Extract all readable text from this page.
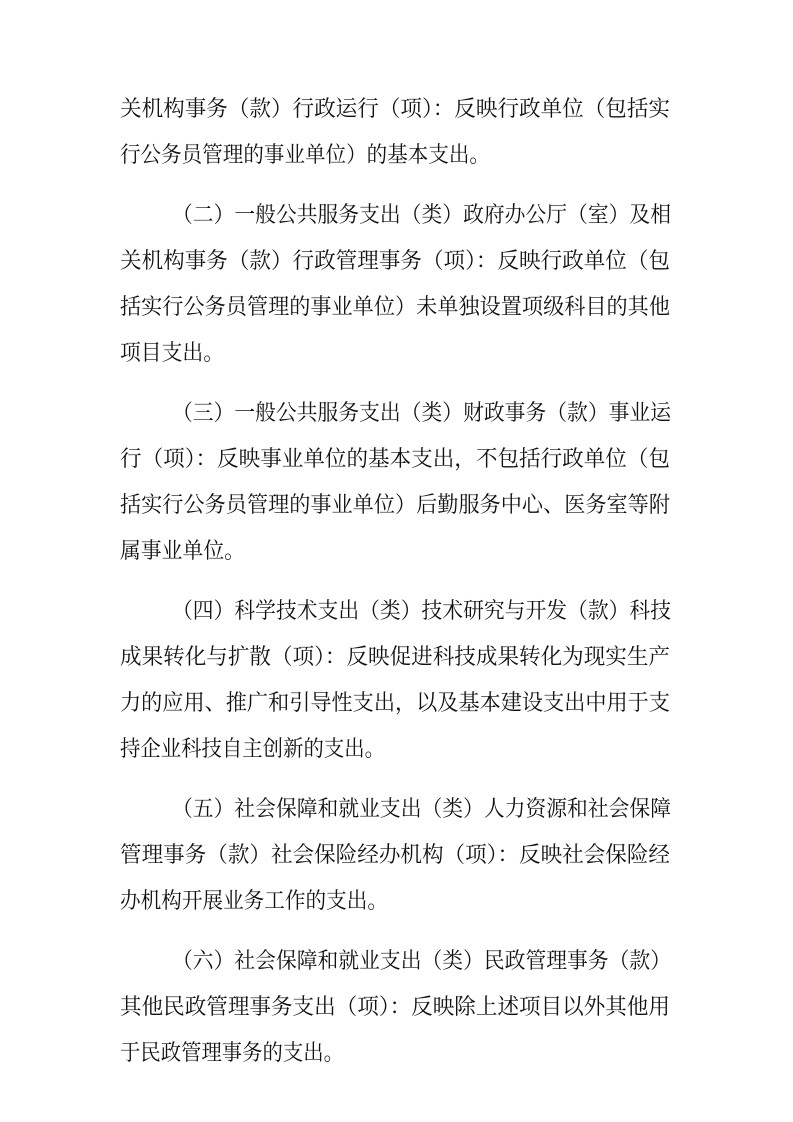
关机构事务（款）行政运行（项）：反映行政单位（包括实
行公务员管理的事业单位）的基本支出。
（二）一般公共服务支出（类）政府办公厅（室）及相
关机构事务（款）行政管理事务（项）：反映行政单位（包
括实行公务员管理的事业单位）未单独设置项级科目的其他
项目支出。
（三）一般公共服务支出（类）财政事务（款）事业运
行（项）：反映事业单位的基本支出，不包括行政单位（包
括实行公务员管理的事业单位）后勤服务中心、医务室等附
属事业单位。
（四）科学技术支出（类）技术研究与开发（款）科技
成果转化与扩散（项）：反映促进科技成果转化为现实生产
力的应用、推广和引导性支出，以及基本建设支出中用于支
持企业科技自主创新的支出。
（五）社会保障和就业支出（类）人力资源和社会保障
管理事务（款）社会保险经办机构（项）：反映社会保险经
办机构开展业务工作的支出。
（六）社会保障和就业支出（类）民政管理事务（款）
其他民政管理事务支出（项）：反映除上述项目以外其他用
于民政管理事务的支出。
